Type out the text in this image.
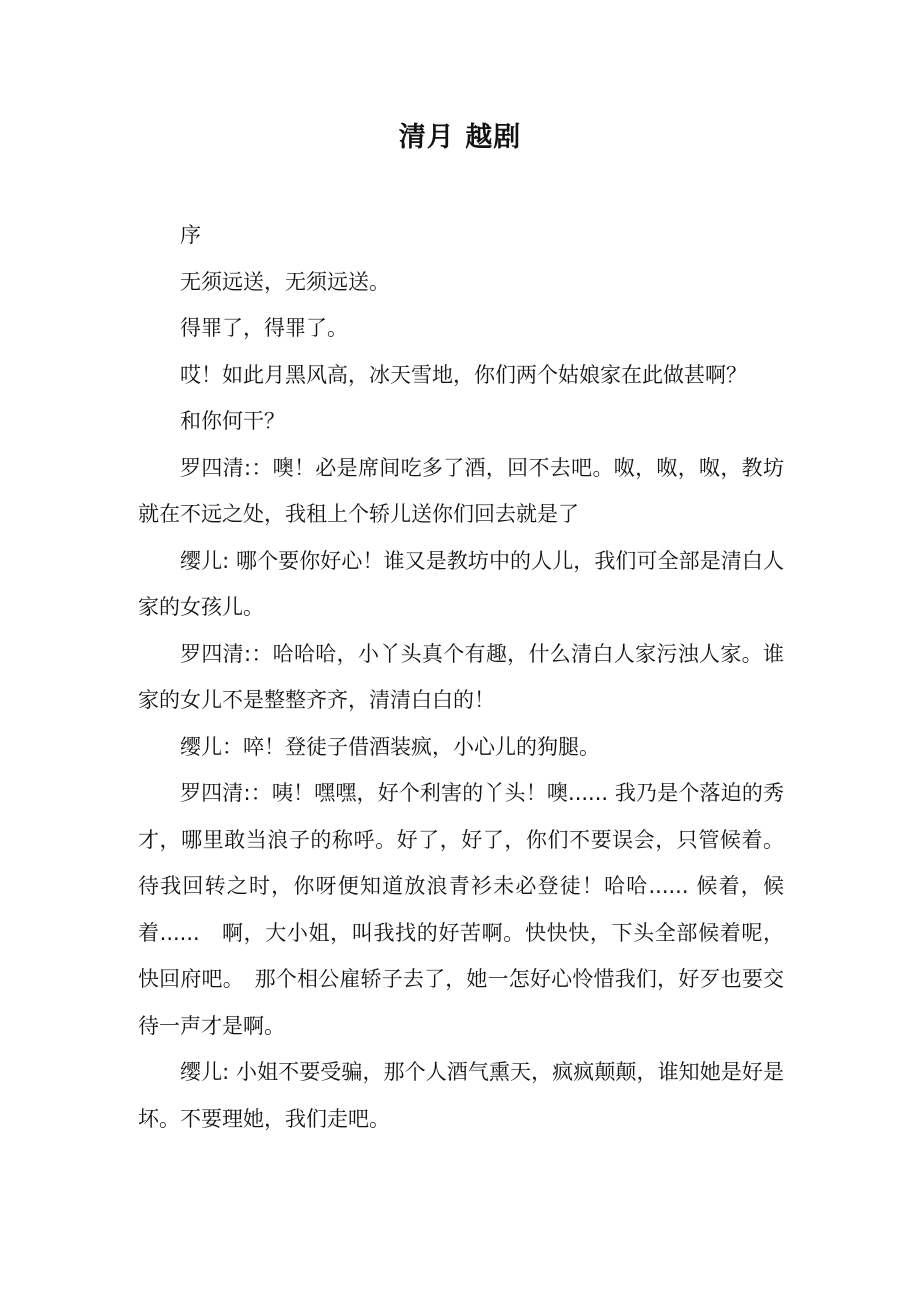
清月 越剧

序

无须远送，无须远送。

得罪了，得罪了。

哎！如此月黑风高，冰天雪地，你们两个姑娘家在此做甚啊？

和你何干？

罗四清:：噢！必是席间吃多了酒，回不去吧。呶，呶，呶，教坊就在不远之处，我租上个轿儿送你们回去就是了

缨儿: 哪个要你好心！谁又是教坊中的人儿，我们可全部是清白人家的女孩儿。

罗四清:：哈哈哈，小丫头真个有趣，什么清白人家污浊人家。谁家的女儿不是整整齐齐，清清白白的！

缨儿：啐！登徒子借酒装疯，小心儿的狗腿。

罗四清:：咦！嘿嘿，好个利害的丫头！噢...... 我乃是个落迫的秀才，哪里敢当浪子的称呼。好了，好了，你们不要误会，只管候着。待我回转之时，你呀便知道放浪青衫未必登徒！哈哈...... 候着，候着......　啊，大小姐，叫我找的好苦啊。快快快，下头全部候着呢，快回府吧。　那个相公雇轿子去了，她一怎好心怜惜我们，好歹也要交待一声才是啊。

缨儿: 小姐不要受骗，那个人酒气熏天，疯疯颠颠，谁知她是好是坏。不要理她，我们走吧。
